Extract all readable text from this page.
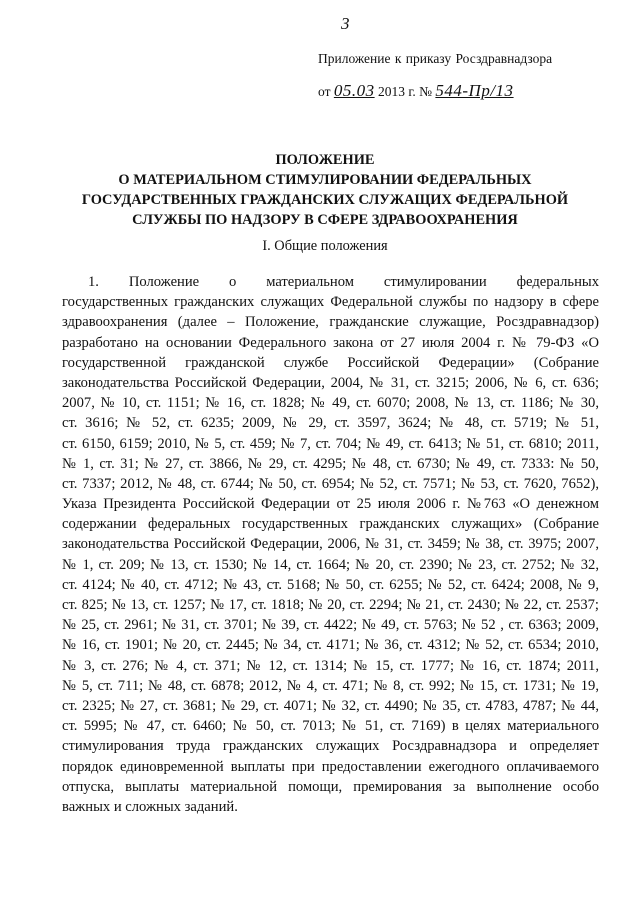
3
Приложение к приказу Росздравнадзора
от 05.03 2013 г. № 544-Пр/13
ПОЛОЖЕНИЕ
О МАТЕРИАЛЬНОМ СТИМУЛИРОВАНИИ ФЕДЕРАЛЬНЫХ
ГОСУДАРСТВЕННЫХ ГРАЖДАНСКИХ СЛУЖАЩИХ ФЕДЕРАЛЬНОЙ
СЛУЖБЫ ПО НАДЗОРУ В СФЕРЕ ЗДРАВООХРАНЕНИЯ
I. Общие положения
1. Положение о материальном стимулировании федеральных
государственных гражданских служащих Федеральной службы по надзору в сфере
здравоохранения (далее – Положение, гражданские служащие, Росздравнадзор)
разработано на основании Федерального закона от 27 июля 2004 г. № 79-ФЗ «О
государственной гражданской службе Российской Федерации» (Собрание
законодательства Российской Федерации, 2004, № 31, ст. 3215; 2006, № 6, ст. 636;
2007, № 10, ст. 1151; № 16, ст. 1828; № 49, ст. 6070; 2008, № 13, ст. 1186; № 30,
ст. 3616; № 52, ст. 6235; 2009, № 29, ст. 3597, 3624; № 48, ст. 5719; № 51,
ст. 6150, 6159; 2010, № 5, ст. 459; № 7, ст. 704; № 49, ст. 6413; № 51, ст. 6810; 2011,
№ 1, ст. 31; № 27, ст. 3866, № 29, ст. 4295; № 48, ст. 6730; № 49, ст. 7333: № 50,
ст. 7337; 2012, № 48, ст. 6744; № 50, ст. 6954; № 52, ст. 7571; № 53, ст. 7620, 7652),
Указа Президента Российской Федерации от 25 июля 2006 г. №763 «О денежном
содержании федеральных государственных гражданских служащих» (Собрание
законодательства Российской Федерации, 2006, № 31, ст. 3459; № 38, ст. 3975; 2007,
№ 1, ст. 209; № 13, ст. 1530; № 14, ст. 1664; № 20, ст. 2390; № 23, ст. 2752; № 32,
ст. 4124; № 40, ст. 4712; № 43, ст. 5168; № 50, ст. 6255; № 52, ст. 6424; 2008, № 9,
ст. 825; № 13, ст. 1257; № 17, ст. 1818; № 20, ст. 2294; № 21, ст. 2430; № 22, ст. 2537;
№ 25, ст. 2961; № 31, ст. 3701; № 39, ст. 4422; № 49, ст. 5763; № 52 , ст. 6363; 2009,
№ 16, ст. 1901; № 20, ст. 2445; № 34, ст. 4171; № 36, ст. 4312; № 52, ст. 6534; 2010,
№ 3, ст. 276; № 4, ст. 371; № 12, ст. 1314; № 15, ст. 1777; № 16, ст. 1874; 2011,
№ 5, ст. 711; № 48, ст. 6878; 2012, № 4, ст. 471; № 8, ст. 992; № 15, ст. 1731; № 19,
ст. 2325; № 27, ст. 3681; № 29, ст. 4071; № 32, ст. 4490; № 35, ст. 4783, 4787; № 44,
ст. 5995; № 47, ст. 6460; № 50, ст. 7013; № 51, ст. 7169) в целях материального
стимулирования труда гражданских служащих Росздравнадзора и определяет
порядок единовременной выплаты при предоставлении ежегодного оплачиваемого
отпуска, выплаты материальной помощи, премирования за выполнение особо
важных и сложных заданий.
